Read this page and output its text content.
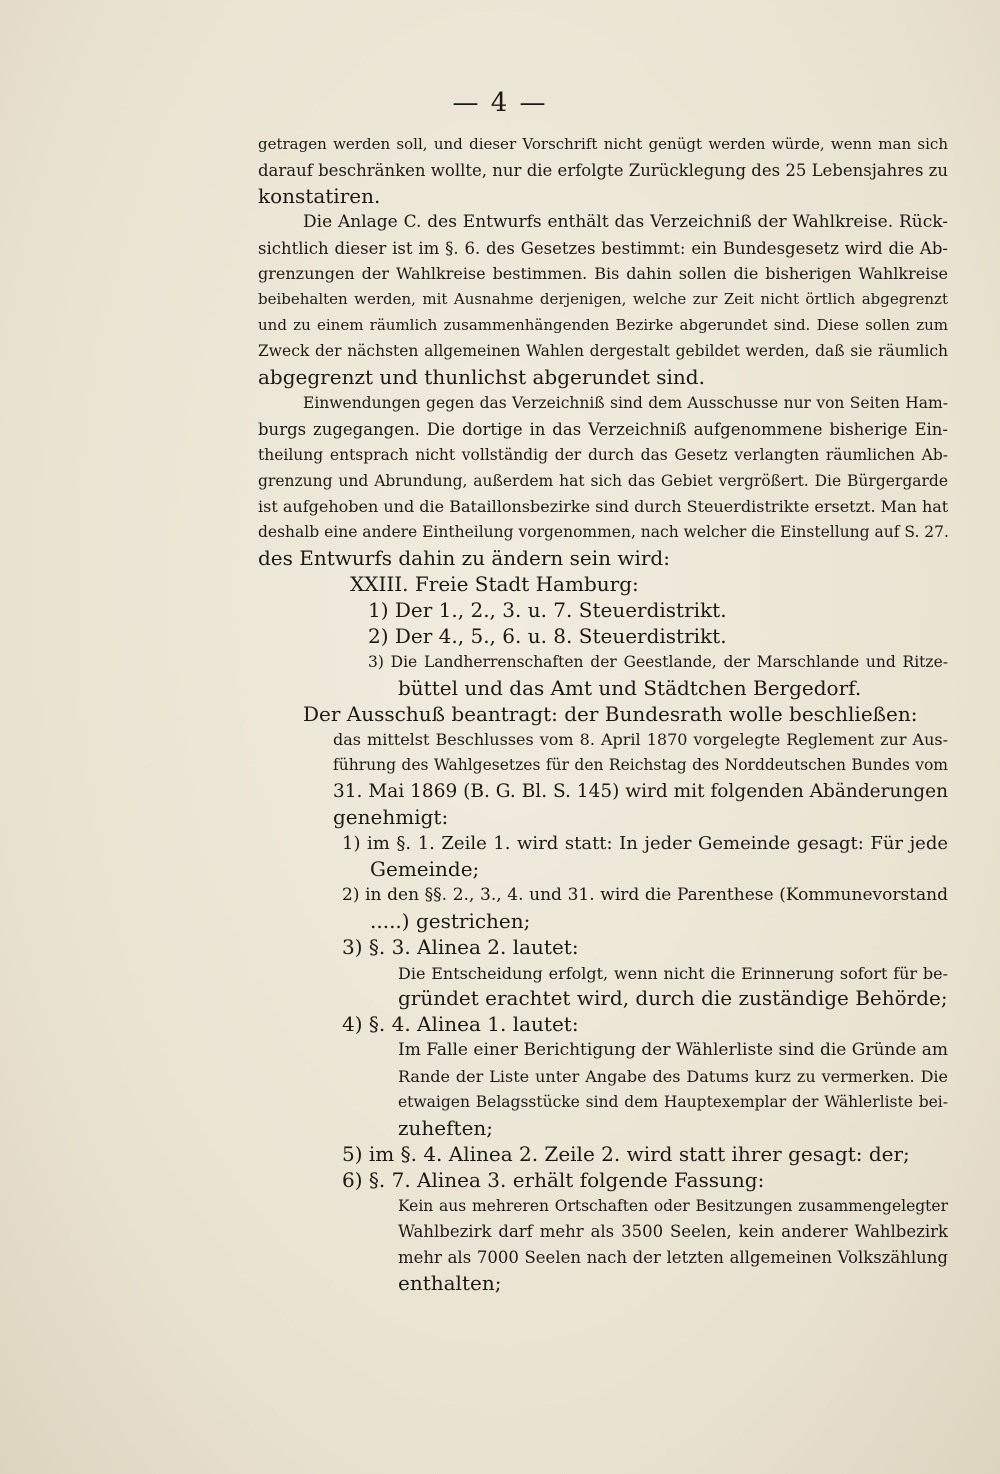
— 4 —
getragen werden soll, und dieser Vorschrift nicht genügt werden würde, wenn man sich
darauf beschränken wollte, nur die erfolgte Zurücklegung des 25 Lebensjahres zu
konstatiren.
Die Anlage C. des Entwurfs enthält das Verzeichniß der Wahlkreise. Rück-
sichtlich dieser ist im §. 6. des Gesetzes bestimmt: ein Bundesgesetz wird die Ab-
grenzungen der Wahlkreise bestimmen. Bis dahin sollen die bisherigen Wahlkreise
beibehalten werden, mit Ausnahme derjenigen, welche zur Zeit nicht örtlich abgegrenzt
und zu einem räumlich zusammenhängenden Bezirke abgerundet sind. Diese sollen zum
Zweck der nächsten allgemeinen Wahlen dergestalt gebildet werden, daß sie räumlich
abgegrenzt und thunlichst abgerundet sind.
Einwendungen gegen das Verzeichniß sind dem Ausschusse nur von Seiten Ham-
burgs zugegangen. Die dortige in das Verzeichniß aufgenommene bisherige Ein-
theilung entsprach nicht vollständig der durch das Gesetz verlangten räumlichen Ab-
grenzung und Abrundung, außerdem hat sich das Gebiet vergrößert. Die Bürgergarde
ist aufgehoben und die Bataillonsbezirke sind durch Steuerdistrikte ersetzt. Man hat
deshalb eine andere Eintheilung vorgenommen, nach welcher die Einstellung auf S. 27.
des Entwurfs dahin zu ändern sein wird:
XXIII. Freie Stadt Hamburg:
1) Der 1., 2., 3. u. 7. Steuerdistrikt.
2) Der 4., 5., 6. u. 8. Steuerdistrikt.
3) Die Landherrenschaften der Geestlande, der Marschlande und Ritze-
büttel und das Amt und Städtchen Bergedorf.
Der Ausschuß beantragt: der Bundesrath wolle beschließen:
das mittelst Beschlusses vom 8. April 1870 vorgelegte Reglement zur Aus-
führung des Wahlgesetzes für den Reichstag des Norddeutschen Bundes vom
31. Mai 1869 (B. G. Bl. S. 145) wird mit folgenden Abänderungen
genehmigt:
1) im §. 1. Zeile 1. wird statt: In jeder Gemeinde gesagt: Für jede
Gemeinde;
2) in den §§. 2., 3., 4. und 31. wird die Parenthese (Kommunevorstand
.....) gestrichen;
3) §. 3. Alinea 2. lautet:
Die Entscheidung erfolgt, wenn nicht die Erinnerung sofort für be-
gründet erachtet wird, durch die zuständige Behörde;
4) §. 4. Alinea 1. lautet:
Im Falle einer Berichtigung der Wählerliste sind die Gründe am
Rande der Liste unter Angabe des Datums kurz zu vermerken. Die
etwaigen Belagsstücke sind dem Hauptexemplar der Wählerliste bei-
zuheften;
5) im §. 4. Alinea 2. Zeile 2. wird statt ihrer gesagt: der;
6) §. 7. Alinea 3. erhält folgende Fassung:
Kein aus mehreren Ortschaften oder Besitzungen zusammengelegter
Wahlbezirk darf mehr als 3500 Seelen, kein anderer Wahlbezirk
mehr als 7000 Seelen nach der letzten allgemeinen Volkszählung
enthalten;
